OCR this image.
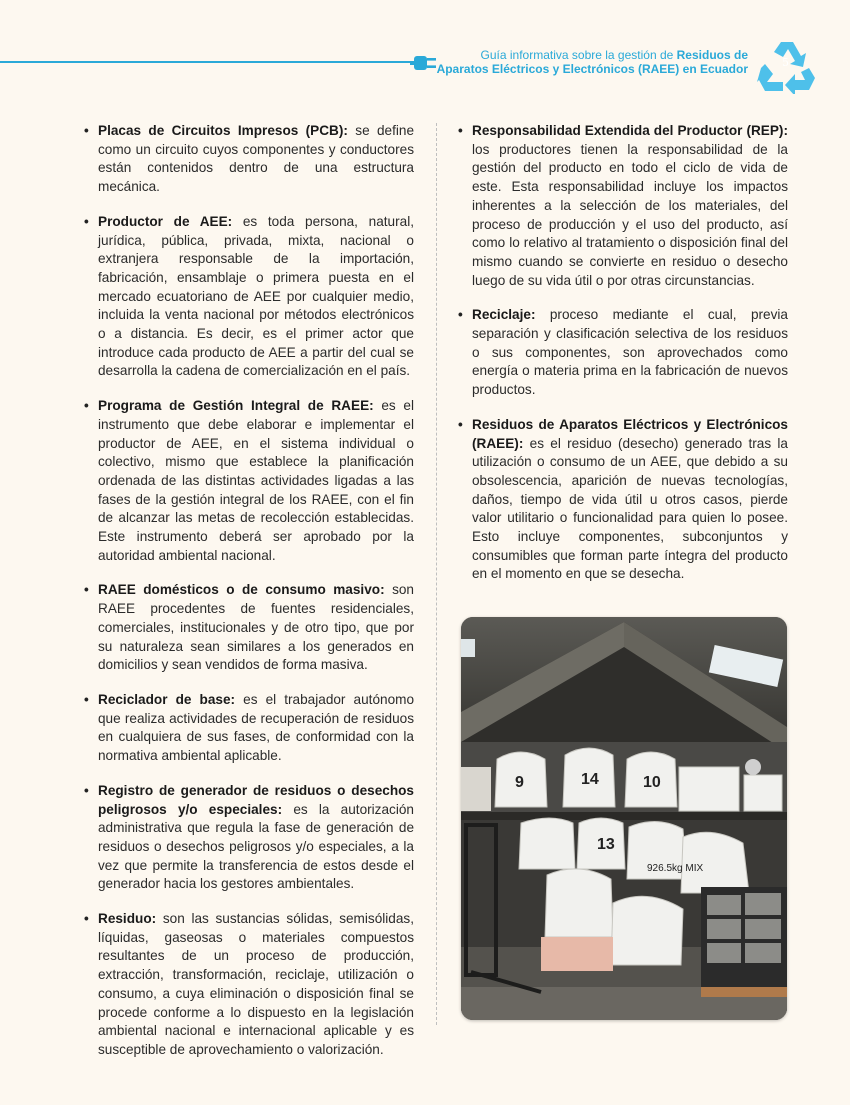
Guía informativa sobre la gestión de Residuos de
Aparatos Eléctricos y Electrónicos (RAEE) en Ecuador	5
• Placas de Circuitos Impresos (PCB): se define como un circuito cuyos componentes y conductores están contenidos dentro de una estructura mecánica.
• Productor de AEE: es toda persona, natural, jurídica, pública, privada, mixta, nacional o extranjera responsable de la importación, fabricación, ensamblaje o primera puesta en el mercado ecuatoriano de AEE por cualquier medio, incluida la venta nacional por métodos electrónicos o a distancia. Es decir, es el primer actor que introduce cada producto de AEE a partir del cual se desarrolla la cadena de comercialización en el país.
• Programa de Gestión Integral de RAEE: es el instrumento que debe elaborar e implementar el productor de AEE, en el sistema individual o colectivo, mismo que establece la planificación ordenada de las distintas actividades ligadas a las fases de la gestión integral de los RAEE, con el fin de alcanzar las metas de recolección establecidas. Este instrumento deberá ser aprobado por la autoridad ambiental nacional.
• RAEE domésticos o de consumo masivo: son RAEE procedentes de fuentes residenciales, comerciales, institucionales y de otro tipo, que por su naturaleza sean similares a los generados en domicilios y sean vendidos de forma masiva.
• Reciclador de base: es el trabajador autónomo que realiza actividades de recuperación de residuos en cualquiera de sus fases, de conformidad con la normativa ambiental aplicable.
• Registro de generador de residuos o desechos peligrosos y/o especiales: es la autorización administrativa que regula la fase de generación de residuos o desechos peligrosos y/o especiales, a la vez que permite la transferencia de estos desde el generador hacia los gestores ambientales.
• Residuo: son las sustancias sólidas, semisólidas, líquidas, gaseosas o materiales compuestos resultantes de un proceso de producción, extracción, transformación, reciclaje, utilización o consumo, a cuya eliminación o disposición final se procede conforme a lo dispuesto en la legislación ambiental nacional e internacional aplicable y es susceptible de aprovechamiento o valorización.
• Responsabilidad Extendida del Productor (REP): los productores tienen la responsabilidad de la gestión del producto en todo el ciclo de vida de este. Esta responsabilidad incluye los impactos inherentes a la selección de los materiales, del proceso de producción y el uso del producto, así como lo relativo al tratamiento o disposición final del mismo cuando se convierte en residuo o desecho luego de su vida útil o por otras circunstancias.
• Reciclaje: proceso mediante el cual, previa separación y clasificación selectiva de los residuos o sus componentes, son aprovechados como energía o materia prima en la fabricación de nuevos productos.
• Residuos de Aparatos Eléctricos y Electrónicos (RAEE): es el residuo (desecho) generado tras la utilización o consumo de un AEE, que debido a su obsolescencia, aparición de nuevas tecnologías, daños, tiempo de vida útil u otros casos, pierde valor utilitario o funcionalidad para quien lo posee. Esto incluye componentes, subconjuntos y consumibles que forman parte íntegra del producto en el momento en que se desecha.
9	14	10
13
926.5kg MIX
